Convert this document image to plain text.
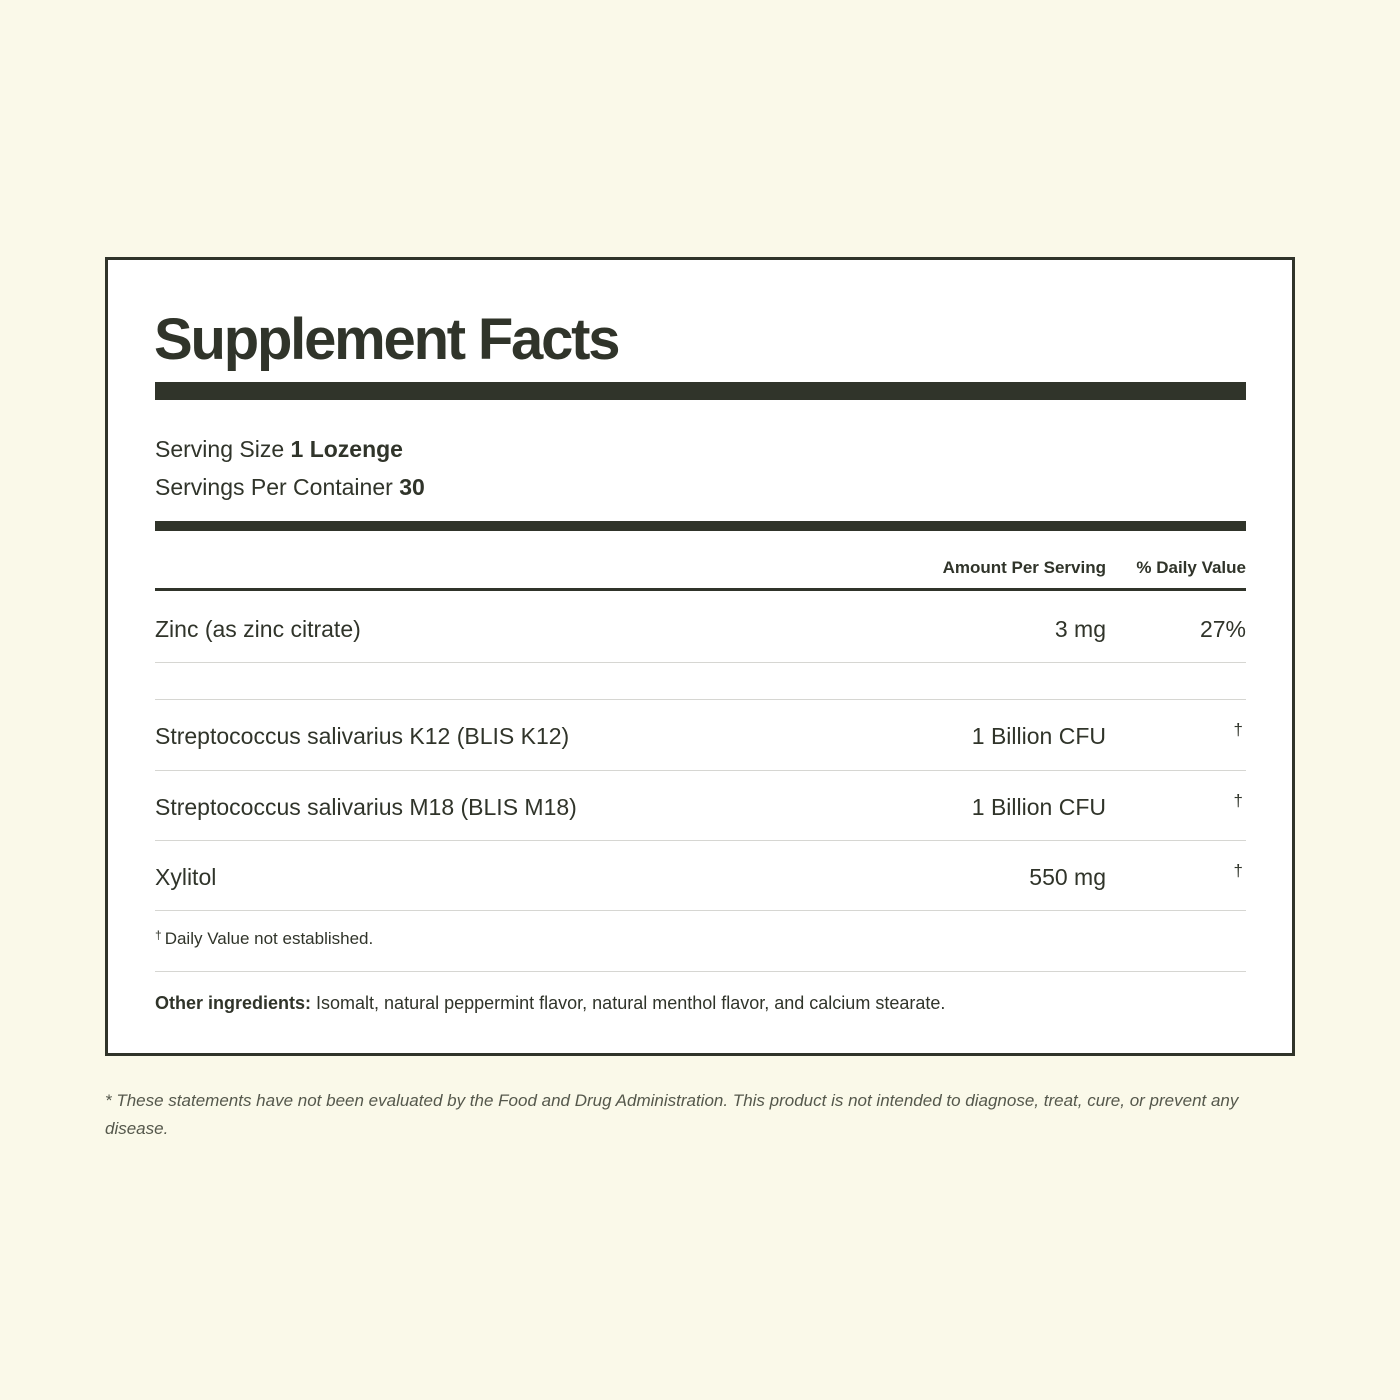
Supplement Facts
Serving Size 1 Lozenge
Servings Per Container 30
Amount Per Serving % Daily Value
Zinc (as zinc citrate)	3 mg	27%
Streptococcus salivarius K12 (BLIS K12)	1 Billion CFU	†
Streptococcus salivarius M18 (BLIS M18)	1 Billion CFU	†
Xylitol	550 mg	†
† Daily Value not established.
Other ingredients: Isomalt, natural peppermint flavor, natural menthol flavor, and calcium stearate.

* These statements have not been evaluated by the Food and Drug Administration. This product is not intended to diagnose, treat, cure, or prevent any disease.
